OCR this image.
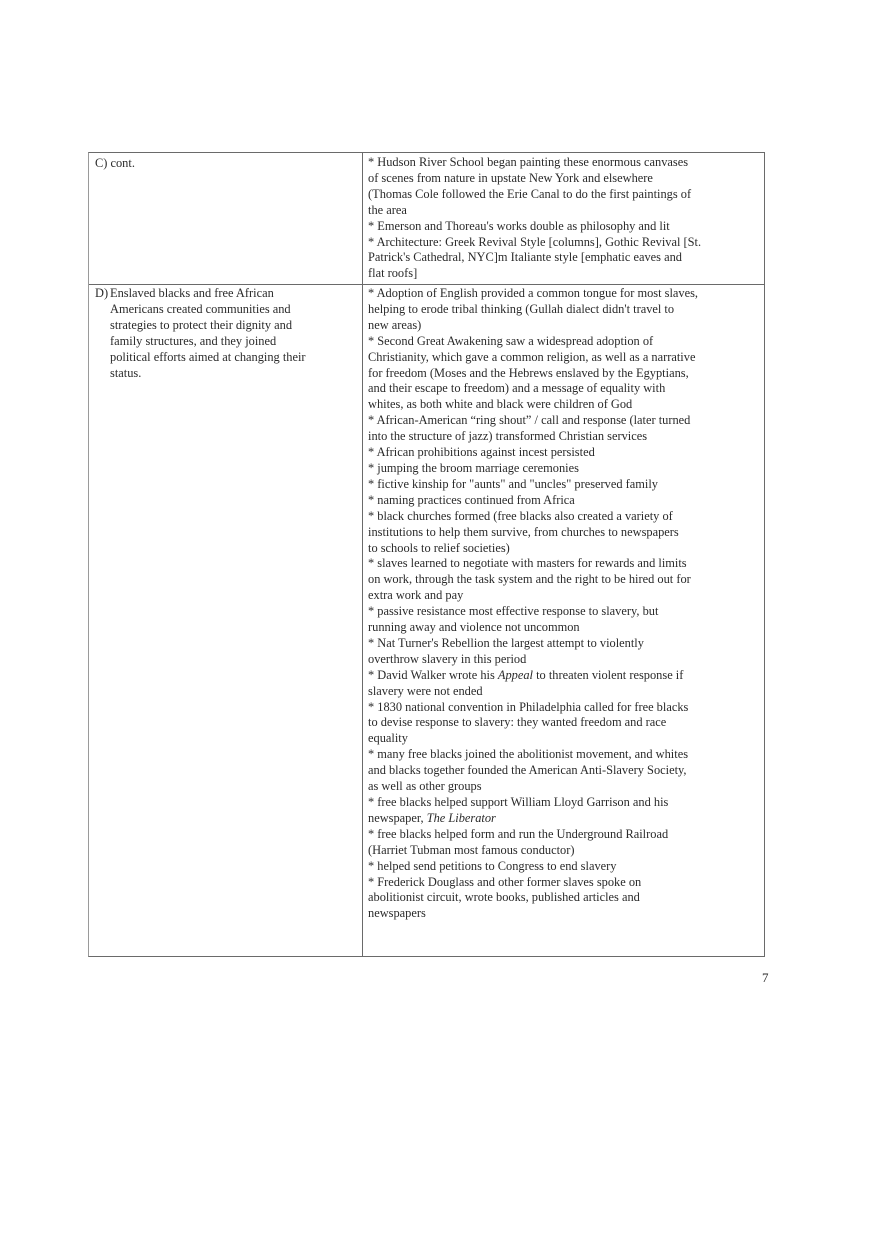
C) cont.	* Hudson River School began painting these enormous canvases
of scenes from nature in upstate New York and elsewhere
(Thomas Cole followed the Erie Canal to do the first paintings of
the area
* Emerson and Thoreau's works double as philosophy and lit
* Architecture: Greek Revival Style [columns], Gothic Revival [St.
Patrick's Cathedral, NYC]m Italiante style [emphatic eaves and
flat roofs]
D) Enslaved blacks and free African
Americans created communities and
strategies to protect their dignity and
family structures, and they joined
political efforts aimed at changing their
status.
* Adoption of English provided a common tongue for most slaves,
helping to erode tribal thinking (Gullah dialect didn't travel to
new areas)
* Second Great Awakening saw a widespread adoption of
Christianity, which gave a common religion, as well as a narrative
for freedom (Moses and the Hebrews enslaved by the Egyptians,
and their escape to freedom) and a message of equality with
whites, as both white and black were children of God
* African-American “ring shout” / call and response (later turned
into the structure of jazz) transformed Christian services
* African prohibitions against incest persisted
* jumping the broom marriage ceremonies
* fictive kinship for "aunts" and "uncles" preserved family
* naming practices continued from Africa
* black churches formed (free blacks also created a variety of
institutions to help them survive, from churches to newspapers
to schools to relief societies)
* slaves learned to negotiate with masters for rewards and limits
on work, through the task system and the right to be hired out for
extra work and pay
* passive resistance most effective response to slavery, but
running away and violence not uncommon
* Nat Turner's Rebellion the largest attempt to violently
overthrow slavery in this period
* David Walker wrote his Appeal to threaten violent response if
slavery were not ended
* 1830 national convention in Philadelphia called for free blacks
to devise response to slavery: they wanted freedom and race
equality
* many free blacks joined the abolitionist movement, and whites
and blacks together founded the American Anti-Slavery Society,
as well as other groups
* free blacks helped support William Lloyd Garrison and his
newspaper, The Liberator
* free blacks helped form and run the Underground Railroad
(Harriet Tubman most famous conductor)
* helped send petitions to Congress to end slavery
* Frederick Douglass and other former slaves spoke on
abolitionist circuit, wrote books, published articles and
newspapers
7
